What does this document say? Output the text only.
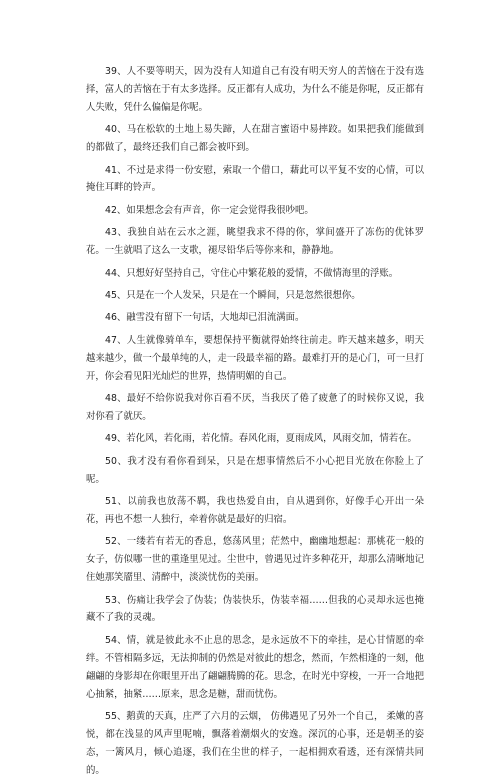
39、人不要等明天，因为没有人知道自己有没有明天穷人的苦恼在于没有选择，富人的苦恼在于有太多选择。反正都有人成功，为什么不能是你呢，反正都有人失败，凭什么偏偏是你呢。

40、马在松软的土地上易失蹄，人在甜言蜜语中易摔跤。如果把我们能做到的都做了，最终还我们自己都会被吓到。

41、不过是求得一份安慰，索取一个借口，藉此可以平复不安的心情，可以掩住耳畔的铃声。

42、如果想念会有声音，你一定会觉得我很吵吧。

43、我独自站在云水之涯，眺望我求不得的你，掌间盛开了冻伤的优钵罗花。一生就唱了这么一支歌，褪尽铅华后等你来和，静静地。

44、只想好好坚持自己，守住心中繁花般的爱情，不做情海里的浮账。

45、只是在一个人发呆，只是在一个瞬间，只是忽然很想你。

46、融雪没有留下一句话，大地却已泪流满面。

47、人生就像骑单车，要想保持平衡就得始终往前走。昨天越来越多，明天越来越少，做一个最单纯的人，走一段最幸福的路。最难打开的是心门，可一旦打开，你会看见阳光灿烂的世界，热情明媚的自己。

48、最好不给你说我对你百看不厌，当我厌了倦了疲惫了的时候你又说，我对你看了就厌。

49、若化风，若化雨，若化情。春风化雨，夏雨成风，风雨交加，情若在。

50、我才没有看你看到呆，只是在想事情然后不小心把目光放在你脸上了呢。

51、以前我也放荡不羁，我也热爱自由，自从遇到你，好像手心开出一朵花，再也不想一人独行，牵着你就是最好的归宿。

52、一缕若有若无的香息，悠荡风里；茫然中，幽幽地想起：那桃花一般的女子，仿似哪一世的重逢里见过。尘世中，曾遇见过许多种花开，却那么清晰地记住她那笑靥里、清醉中，淡淡忧伤的美丽。

53、伤痛让我学会了伪装；伪装快乐，伪装幸福……但我的心灵却永远也掩藏不了我的灵魂。

54、情，就是彼此永不止息的思念，是永远放不下的牵挂，是心甘情愿的牵绊。不管相隔多远，无法抑制的仍然是对彼此的想念，然而，乍然相逢的一刻，他翩翩的身影却在你眼里开出了翩翩腾腾的花。思念，在时光中穿梭，一开一合地把心抽紧，抽紧……原来，思念是糖，甜而忧伤。

55、鹅黄的天真，庄严了六月的云烟， 仿佛遇见了另外一个自己， 柔嫩的喜悦，都在浅显的风声里呢喃，飘落着潮烟火的安逸。深沉的心事，还是朝圣的姿态，一篱风月，倾心追逐，我们在尘世的样子，一起相拥欢看透，还有深情共同的。
